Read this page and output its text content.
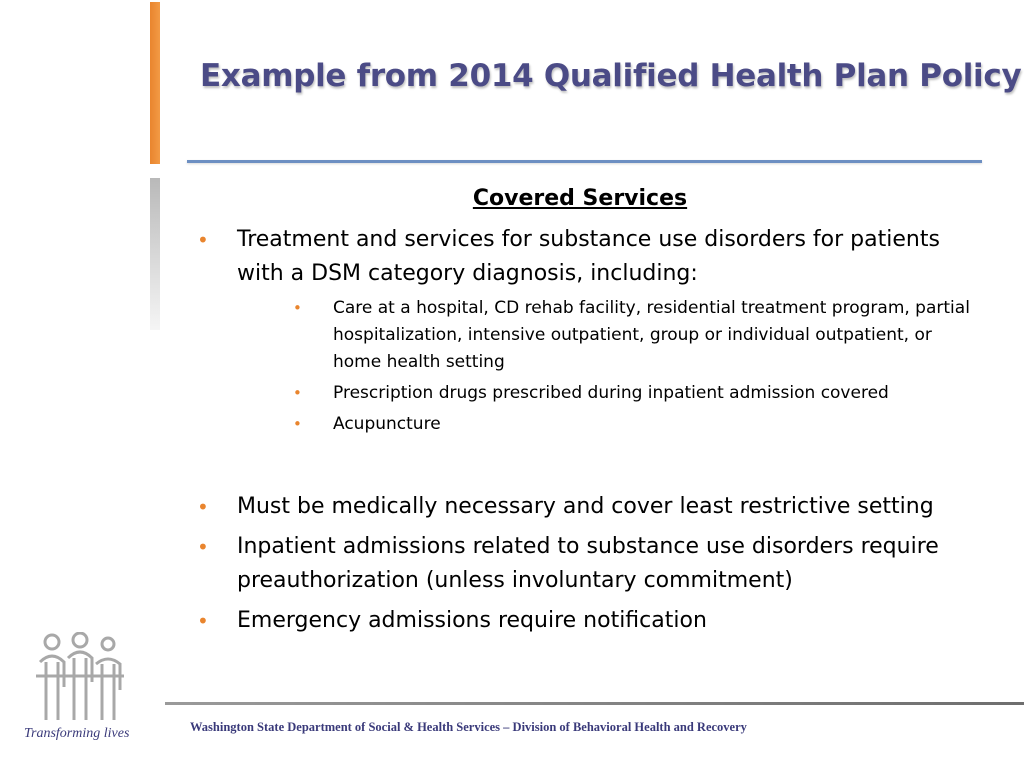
Example from 2014 Qualified Health Plan Policy
Covered Services
• Treatment and services for substance use disorders for patients with a DSM category diagnosis, including:
• Care at a hospital, CD rehab facility, residential treatment program, partial hospitalization, intensive outpatient, group or individual outpatient, or home health setting
• Prescription drugs prescribed during inpatient admission covered
• Acupuncture
• Must be medically necessary and cover least restrictive setting
• Inpatient admissions related to substance use disorders require preauthorization (unless involuntary commitment)
• Emergency admissions require notification
Transforming lives	Washington State Department of Social & Health Services – Division of Behavioral Health and Recovery
